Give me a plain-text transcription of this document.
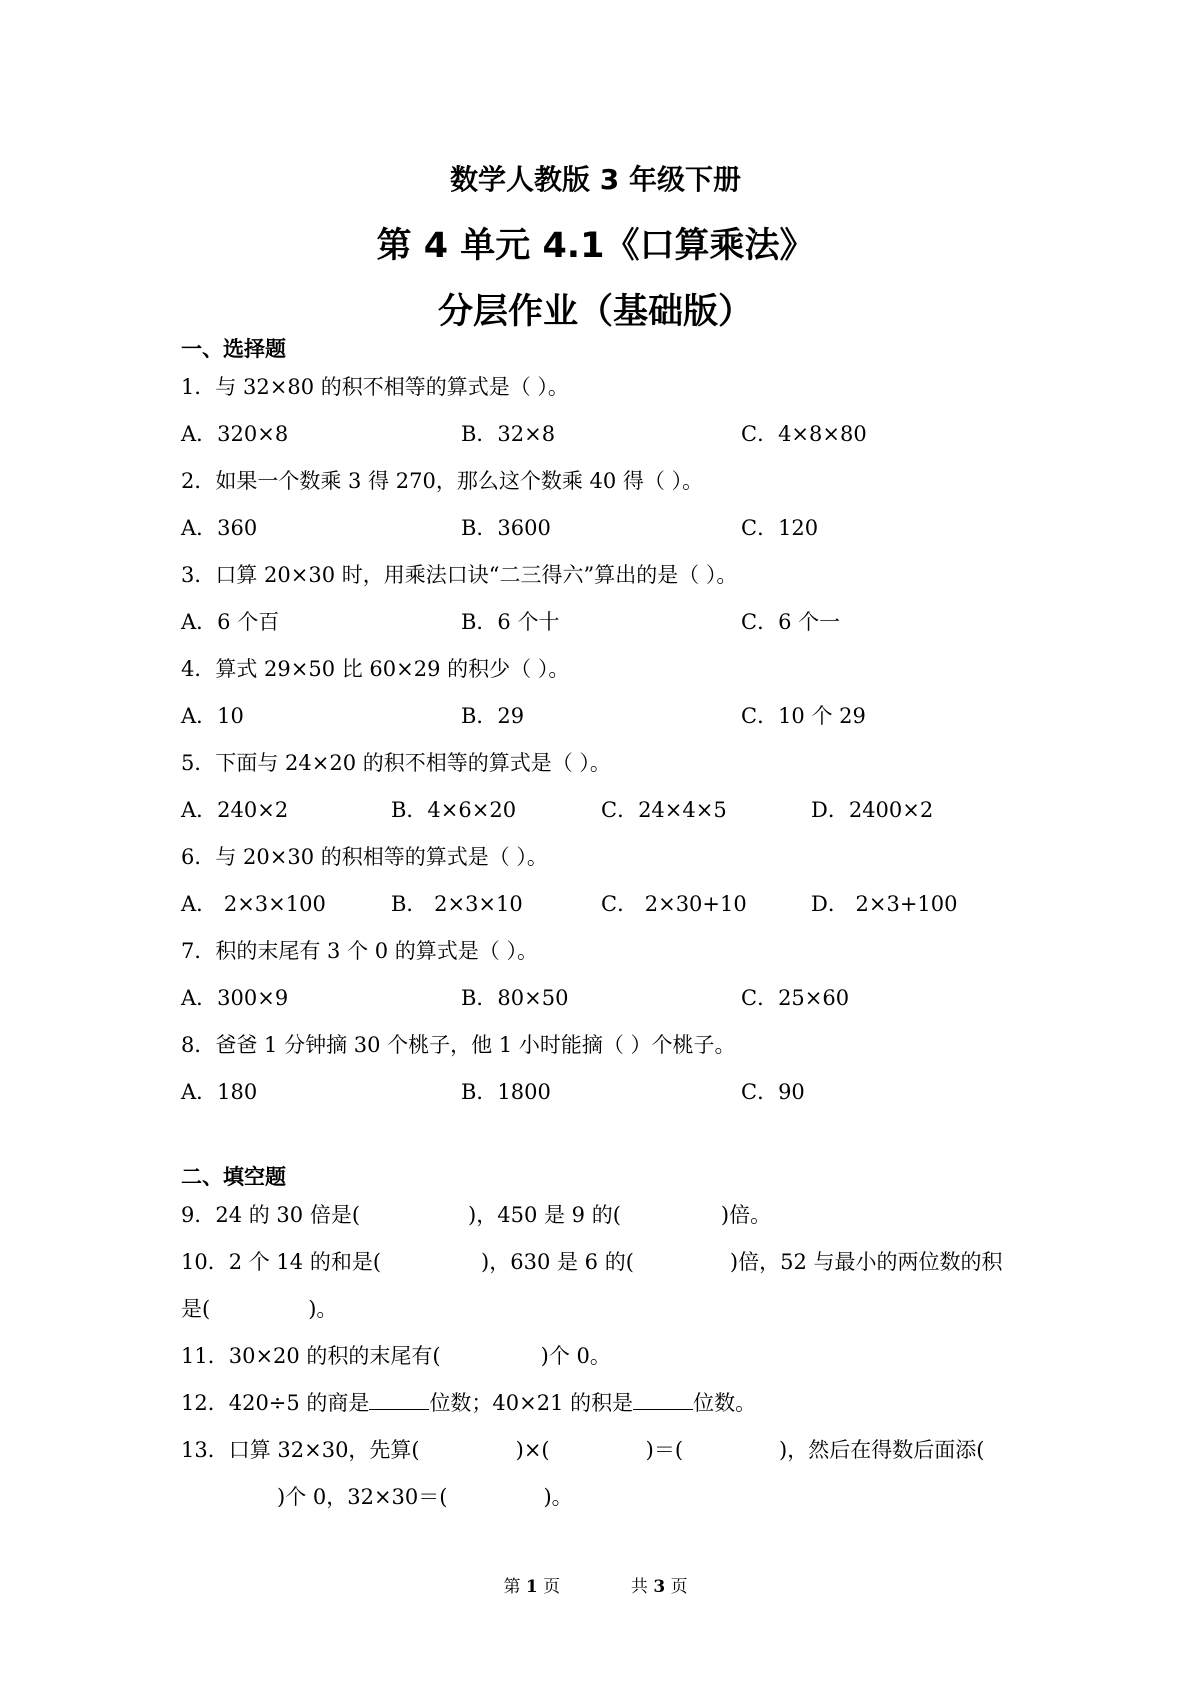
数学人教版 3 年级下册
第 4 单元 4.1《口算乘法》
分层作业（基础版）
一、选择题
1．与 32×80 的积不相等的算式是（ ）。
A．320×8	B．32×8	C．4×8×80
2．如果一个数乘 3 得 270，那么这个数乘 40 得（ ）。
A．360	B．3600	C．120
3．口算 20×30 时，用乘法口诀“二三得六”算出的是（ ）。
A．6 个百	B．6 个十	C．6 个一
4．算式 29×50 比 60×29 的积少（ ）。
A．10	B．29	C．10 个 29
5．下面与 24×20 的积不相等的算式是（ ）。
A．240×2	B．4×6×20	C．24×4×5	D．2400×2
6．与 20×30 的积相等的算式是（ ）。
A． 2×3×100	B． 2×3×10	C． 2×30+10	D． 2×3+100
7．积的末尾有 3 个 0 的算式是（ ）。
A．300×9	B．80×50	C．25×60
8．爸爸 1 分钟摘 30 个桃子，他 1 小时能摘（ ）个桃子。
A．180	B．1800	C．90
二、填空题
9．24 的 30 倍是(	)，450 是 9 的(	)倍。
10．2 个 14 的和是(	)，630 是 6 的(	)倍，52 与最小的两位数的积是(	)。
11．30×20 的积的末尾有(	)个 0。
12．420÷5 的商是	位数；40×21 的积是	位数。
13．口算 32×30，先算(	)×(	)＝(	)，然后在得数后面添()个 0，32×30＝(	)。
第 1 页	共 3 页
